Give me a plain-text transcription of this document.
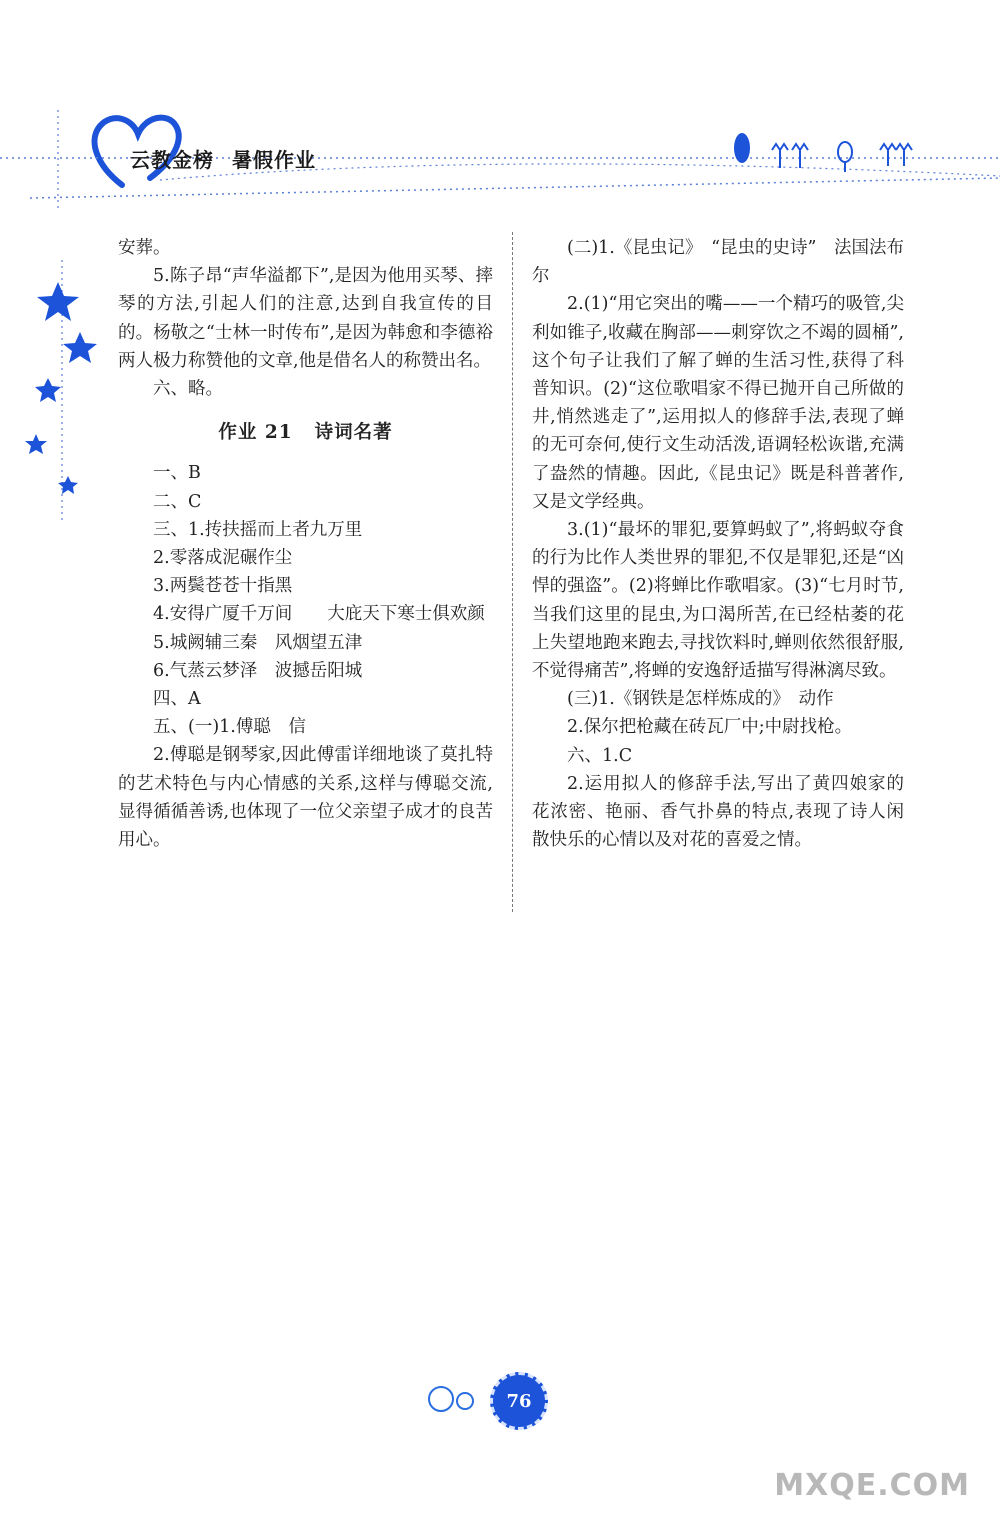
云教金榜 暑假作业

安葬。

5.陈子昂“声华溢都下”,是因为他用买琴、摔琴的方法,引起人们的注意,达到自我宣传的目的。杨敬之“士林一时传布”,是因为韩愈和李德裕两人极力称赞他的文章,他是借名人的称赞出名。

六、略。

作业 21 诗词名著

一、B

二、C

三、1.抟扶摇而上者九万里

2.零落成泥碾作尘

3.两鬓苍苍十指黑

4.安得广厦千万间　　大庇天下寒士俱欢颜

5.城阙辅三秦　风烟望五津

6.气蒸云梦泽　波撼岳阳城

四、A

五、(一)1.傅聪　信

2.傅聪是钢琴家,因此傅雷详细地谈了莫扎特的艺术特色与内心情感的关系,这样与傅聪交流,显得循循善诱,也体现了一位父亲望子成才的良苦用心。

(二)1.《昆虫记》　“昆虫的史诗”　法国法布尔

2.(1)“用它突出的嘴——一个精巧的吸管,尖利如锥子,收藏在胸部——刺穿饮之不竭的圆桶”,这个句子让我们了解了蝉的生活习性,获得了科普知识。(2)“这位歌唱家不得已抛开自己所做的井,悄然逃走了”,运用拟人的修辞手法,表现了蝉的无可奈何,使行文生动活泼,语调轻松诙谐,充满了盎然的情趣。因此,《昆虫记》既是科普著作,又是文学经典。

3.(1)“最坏的罪犯,要算蚂蚁了”,将蚂蚁夺食的行为比作人类世界的罪犯,不仅是罪犯,还是“凶悍的强盗”。(2)将蝉比作歌唱家。(3)“七月时节,当我们这里的昆虫,为口渴所苦,在已经枯萎的花上失望地跑来跑去,寻找饮料时,蝉则依然很舒服,不觉得痛苦”,将蝉的安逸舒适描写得淋漓尽致。

(三)1.《钢铁是怎样炼成的》　动作

2.保尔把枪藏在砖瓦厂中;中尉找枪。

六、1.C

2.运用拟人的修辞手法,写出了黄四娘家的花浓密、艳丽、香气扑鼻的特点,表现了诗人闲散快乐的心情以及对花的喜爱之情。

76
MXQE.COM
